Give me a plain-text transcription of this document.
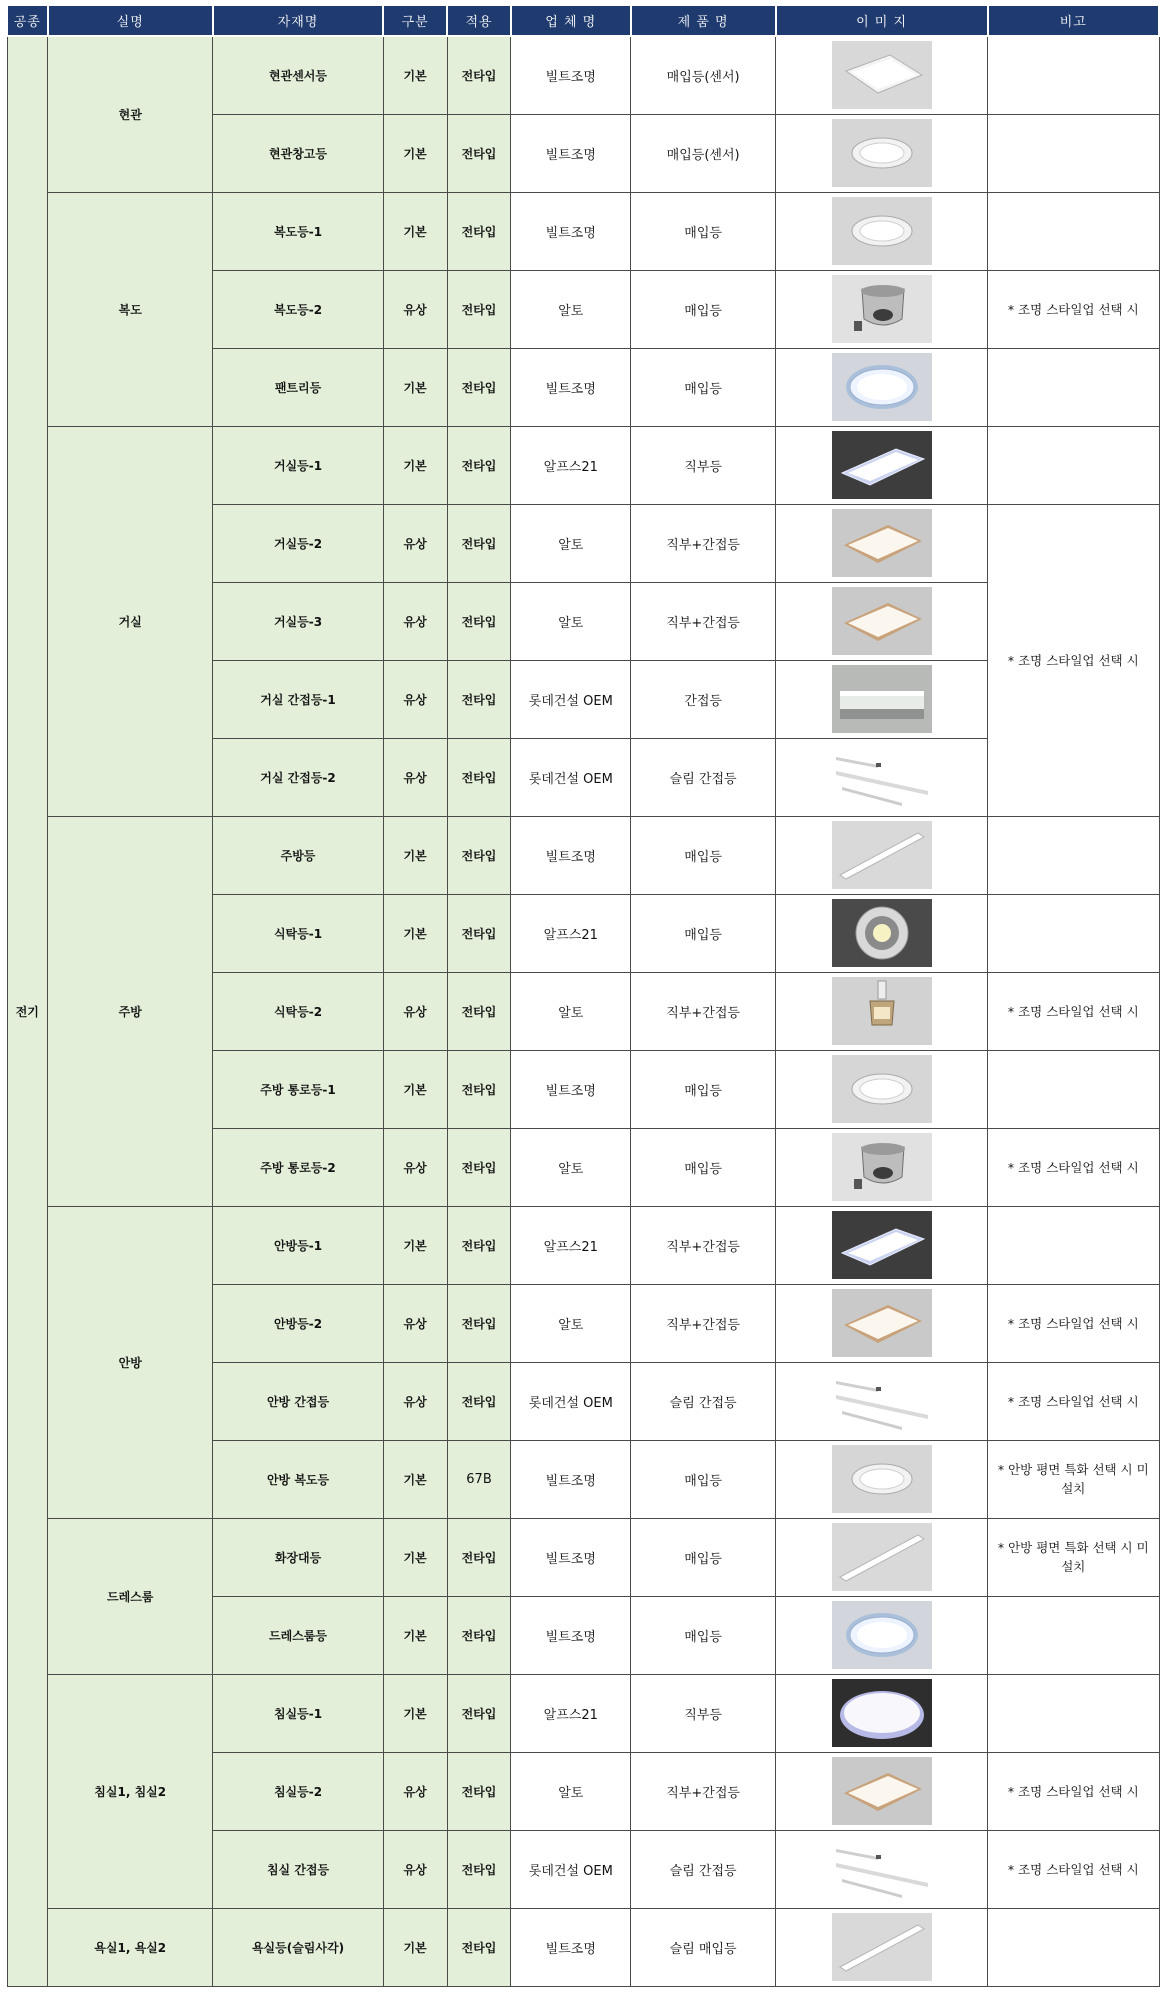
공종	실명	자재명	구분	적용	업 체 명	제 품 명	이 미 지	비고
전기	현관	현관센서등	기본	전타입	빌트조명	매입등(센서)	

		현관창고등	기본	전타입	빌트조명	매입등(센서)	

	복도	복도등-1	기본	전타입	빌트조명	매입등	

		복도등-2	유상	전타입	알토	매입등		* 조명 스타일업 선택 시
		팬트리등	기본	전타입	빌트조명	매입등	

	거실	거실등-1	기본	전타입	알프스21	직부등	

		거실등-2	유상	전타입	알토	직부+간접등		* 조명 스타일업 선택 시
		거실등-3	유상	전타입	알토	직부+간접등	

		거실 간접등-1	유상	전타입	롯데건설 OEM	간접등	

		거실 간접등-2	유상	전타입	롯데건설 OEM	슬림 간접등	

	주방	주방등	기본	전타입	빌트조명	매입등	

		식탁등-1	기본	전타입	알프스21	매입등	

		식탁등-2	유상	전타입	알토	직부+간접등		* 조명 스타일업 선택 시
		주방 통로등-1	기본	전타입	빌트조명	매입등	

		주방 통로등-2	유상	전타입	알토	매입등		* 조명 스타일업 선택 시
	안방	안방등-1	기본	전타입	알프스21	직부+간접등	

		안방등-2	유상	전타입	알토	직부+간접등		* 조명 스타일업 선택 시
		안방 간접등	유상	전타입	롯데건설 OEM	슬림 간접등		* 조명 스타일업 선택 시
		안방 복도등	기본	67B	빌트조명	매입등		* 안방 평면 특화 선택 시 미설치
	드레스룸	화장대등	기본	전타입	빌트조명	매입등		* 안방 평면 특화 선택 시 미설치
		드레스룸등	기본	전타입	빌트조명	매입등	

	침실1, 침실2	침실등-1	기본	전타입	알프스21	직부등	

		침실등-2	유상	전타입	알토	직부+간접등		* 조명 스타일업 선택 시
		침실 간접등	유상	전타입	롯데건설 OEM	슬림 간접등		* 조명 스타일업 선택 시
	욕실1, 욕실2	욕실등(슬림사각)	기본	전타입	빌트조명	슬림 매입등	
